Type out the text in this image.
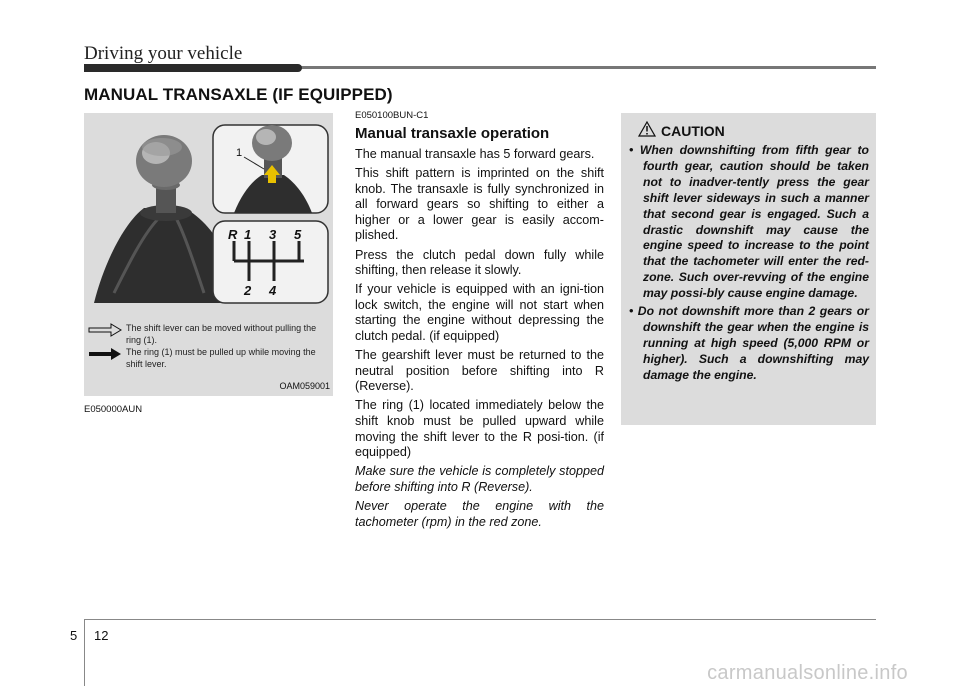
Driving your vehicle
MANUAL TRANSAXLE (IF EQUIPPED)
1
R 1 3 5
2 4
The shift lever can be moved without pulling the ring (1).
The ring (1) must be pulled up while moving the shift lever.
OAM059001
E050000AUN
E050100BUN-C1
Manual transaxle operation

The manual transaxle has 5 forward gears.

This shift pattern is imprinted on the shift knob. The transaxle is fully synchronized in all forward gears so shifting to either a higher or a lower gear is easily accom-plished.

Press the clutch pedal down fully while shifting, then release it slowly.

If your vehicle is equipped with an igni-tion lock switch, the engine will not start when starting the engine without depressing the clutch pedal. (if equipped)

The gearshift lever must be returned to the neutral position before shifting into R (Reverse).

The ring (1) located immediately below the shift knob must be pulled upward while moving the shift lever to the R posi-tion. (if equipped)

Make sure the vehicle is completely stopped before shifting into R (Reverse).

Never operate the engine with the tachometer (rpm) in the red zone.

CAUTION
• When downshifting from fifth gear to fourth gear, caution should be taken not to inadver-tently press the gear shift lever sideways in such a manner that second gear is engaged. Such a drastic downshift may cause the engine speed to increase to the point that the tachometer will enter the red-zone. Such over-revving of the engine may possi-bly cause engine damage.
• Do not downshift more than 2 gears or downshift the gear when the engine is running at high speed (5,000 RPM or higher). Such a downshifting may damage the engine.
5 12
carmanualsonline.info
